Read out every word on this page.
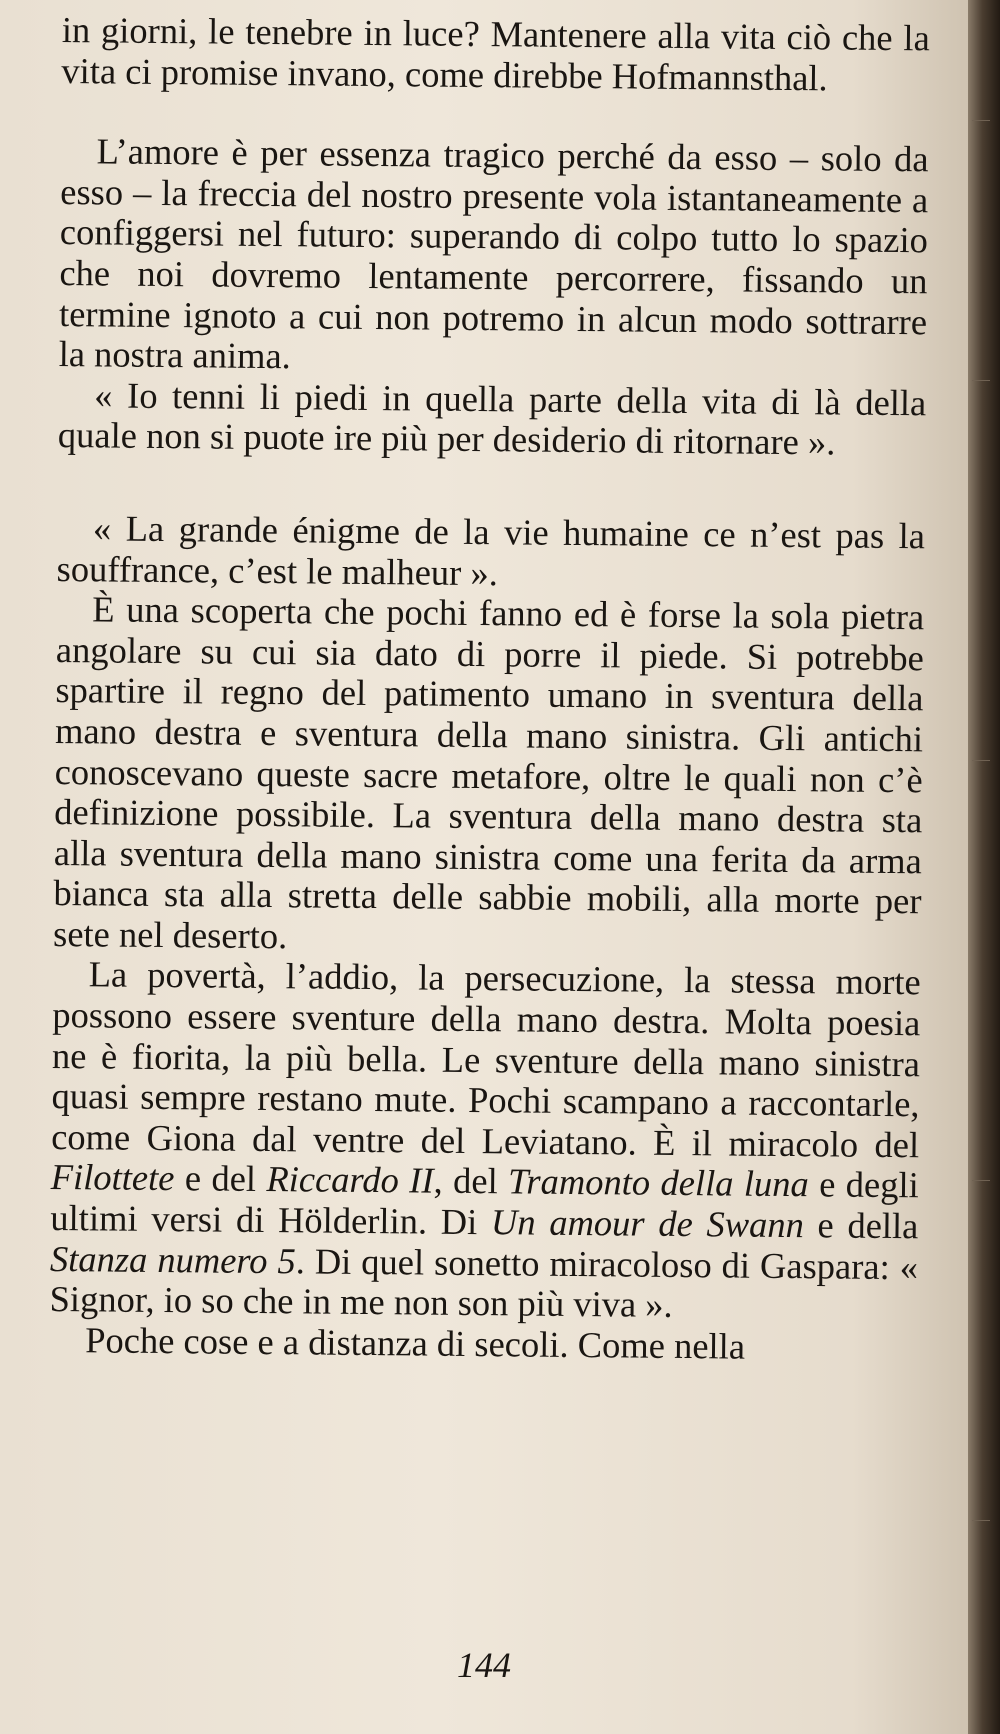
in giorni, le tenebre in luce? Mantenere alla vita ciò che la vita ci promise invano, come direbbe Hofmannsthal.

L’amore è per essenza tragico perché da esso – solo da esso – la freccia del nostro presente vola istantaneamente a configgersi nel futuro: superando di colpo tutto lo spazio che noi dovremo lentamente percorrere, fissando un termine ignoto a cui non potremo in alcun modo sottrarre la nostra anima.

« Io tenni li piedi in quella parte della vita di là della quale non si puote ire più per desiderio di ritornare ».

« La grande énigme de la vie humaine ce n’est pas la souffrance, c’est le malheur ».

È una scoperta che pochi fanno ed è forse la sola pietra angolare su cui sia dato di porre il piede. Si potrebbe spartire il regno del patimento umano in sventura della mano destra e sventura della mano sinistra. Gli antichi conoscevano queste sacre metafore, oltre le quali non c’è definizione possibile. La sventura della mano destra sta alla sventura della mano sinistra come una ferita da arma bianca sta alla stretta delle sabbie mobili, alla morte per sete nel deserto.

La povertà, l’addio, la persecuzione, la stessa morte possono essere sventure della mano destra. Molta poesia ne è fiorita, la più bella. Le sventure della mano sinistra quasi sempre restano mute. Pochi scampano a raccontarle, come Giona dal ventre del Leviatano. È il miracolo del Filottete e del Riccardo II, del Tramonto della luna e degli ultimi versi di Hölderlin. Di Un amour de Swann e della Stanza numero 5. Di quel sonetto miracoloso di Gaspara: « Signor, io so che in me non son più viva ».

Poche cose e a distanza di secoli. Come nella

144
